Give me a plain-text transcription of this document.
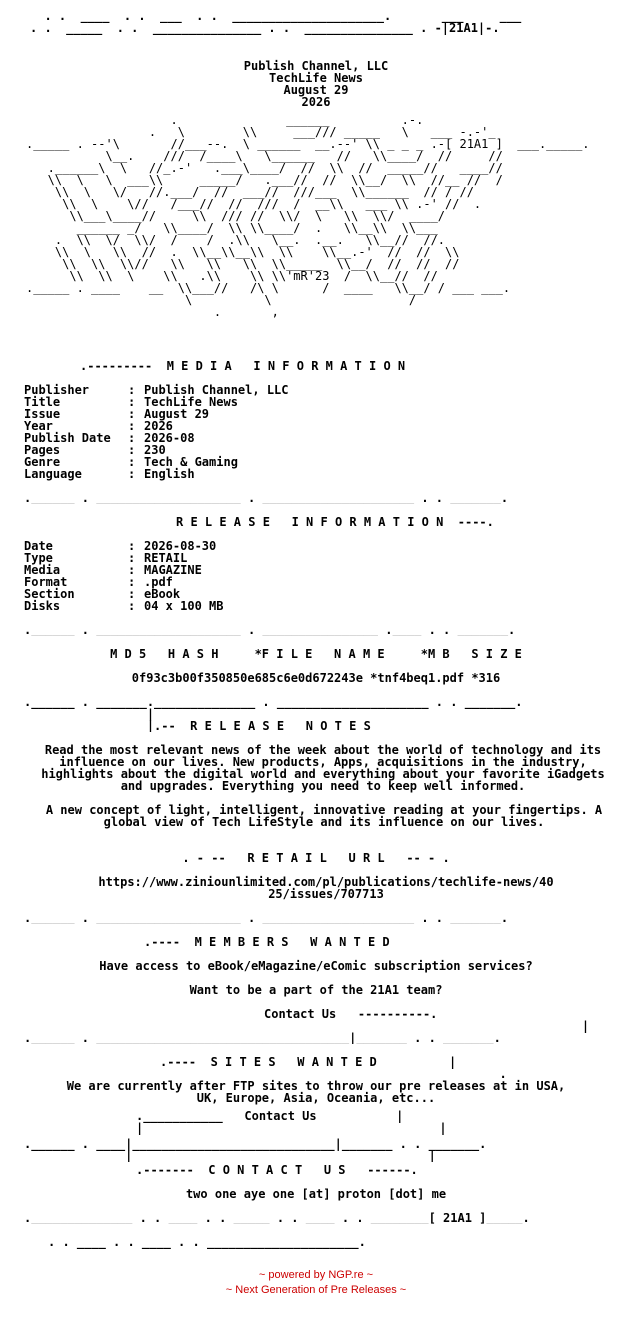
. .  ____  . .  ___  . .  _____________________.       ___     ___
. .  _____  . .  _______________ . .  _______________ . -|21A1|-.
Publish Channel, LLC
TechLife News
August 29
2026
.               ______          .-.
.   \        \\     ___/// _____   \   ___ -.-'_
._____ . --'\       //___--.  \ ______  __.--' \\ _ _ _ .-[ 21A1 ]  ___._____.
\__.    ///  /____\   \______   //   \\____/  //     //
.______\  \   //_.-'   .___\____/  //  \\  //  _____//   ____//
\\  \   \  ___\\     _____/   .___//  //  \\__/  \\  //__ //  /
\\  \   \/   //.___/  //  ___//  ///___  \\______  // / //
\\  \    \//   /___//  //  ///  /  __\\   ___ \\ .-' //  .
\\___\____//     \\  /// //  \\/  \   \\  \\/  ____/
______ _/   \\____/  \\ \\____/  .   \\__\\  \\___
.  \\  \/  \\/  /    /  .\\   \__.  .__.   \\__//  //.
\\  \   \\  //  .  \\__\\__\\  \\    \\__.-'  //  //  \\
\\  \\  \\//   \\   \\   \\  \\_____  \\__/  //  //  //
\\  \\  \    \\   .\\    \\ \\'mR'23  /  \\__//  //
._____ . ____    __  \\___//   /\ \      /  ____   \\__/ / ___ ___.
\          \                   /
.       ,
.---------  M E D I A   I N F O R M A T I O N
Publisher	: Publish Channel, LLC
Title	: TechLife News
Issue	: August 29
Year	: 2026
Publish Date	: 2026-08
Pages	: 230
Genre	: Tech & Gaming
Language	: English
.______ . ____________________ . _____________________ . . _______.
R E L E A S E   I N F O R M A T I O N  ----.
Date	: 2026-08-30
Type	: RETAIL
Media	: MAGAZINE
Format	: .pdf
Section	: eBook
Disks	: 04 x 100 MB
.______ . ____________________ . ________________ .____ . . _______.
M D 5   H A S H     *F I L E   N A M E     *M B   S I Z E
0f93c3b00f350850e685c6e0d672243e *tnf4beq1.pdf *316
.______ . _______.______________ . _____________________ . . _______.
|
|.--  R E L E A S E   N O T E S
Read the most relevant news of the week about the world of technology and its influence on our lives. New products, Apps, acquisitions in the industry, highlights about the digital world and everything about your favorite iGadgets and upgrades. Everything you need to keep well informed.
A new concept of light, intelligent, innovative reading at your fingertips. A global view of Tech LifeStyle and its influence on our lives.
. - --   R E T A I L   U R L   -- - .
https://www.ziniounlimited.com/pl/publications/techlife-news/4025/issues/707713
.______ . ____________________ . _____________________ . . _______.
.----  M E M B E R S   W A N T E D
Have access to eBook/eMagazine/eComic subscription services?
Want to be a part of the 21A1 team?
Contact Us   ----------.
|
.______ . ___________________________________|_______ . . _______.
.----  S I T E S   W A N T E D	|
.
We are currently after FTP sites to throw our pre releases at in USA, UK, Europe, Asia, Oceania, etc...
.___________   Contact Us	|
|                                         |
.______ . ____|____________________________|_______ . . _______.
|                                         |
.-------  C O N T A C T   U S   ------.
two one aye one [at] proton [dot] me
.______________ . . ____ . . _____ . . ____ . . ________[ 21A1 ]_____.
. . ____ . . ____ . . _____________________.
~ powered by NGP.re ~
~ Next Generation of Pre Releases ~
